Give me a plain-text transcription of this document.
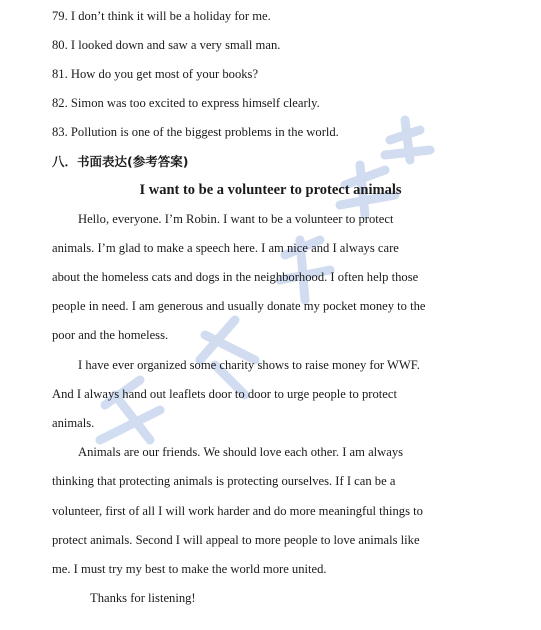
79. I don’t think it will be a holiday for me.
80. I looked down and saw a very small man.
81. How do you get most of your books?
82. Simon was too excited to express himself clearly.
83. Pollution is one of the biggest problems in the world.
八．书面表达(参考答案)
I want to be a volunteer to protect animals
Hello, everyone. I’m Robin. I want to be a volunteer to protect
animals. I’m glad to make a speech here. I am nice and I always care
about the homeless cats and dogs in the neighborhood. I often help those
people in need. I am generous and usually donate my pocket money to the
poor and the homeless.
I have ever organized some charity shows to raise money for WWF.
And I always hand out leaflets door to door to urge people to protect
animals.
Animals are our friends. We should love each other. I am always
thinking that protecting animals is protecting ourselves. If I can be a
volunteer, first of all I will work harder and do more meaningful things to
protect animals. Second I will appeal to more people to love animals like
me. I must try my best to make the world more united.
Thanks for listening!
